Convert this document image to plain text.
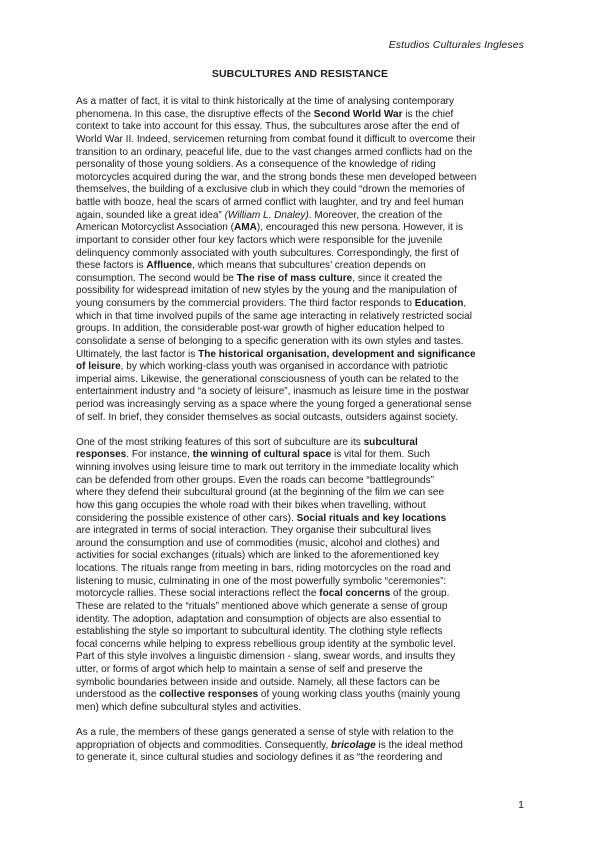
Estudios Culturales Ingleses
SUBCULTURES AND RESISTANCE
As a matter of fact, it is vital to think historically at the time of analysing contemporary
phenomena. In this case, the disruptive effects of the Second World War is the chief
context to take into account for this essay. Thus, the subcultures arose after the end of
World War II. Indeed, servicemen returning from combat found it difficult to overcome their
transition to an ordinary, peaceful life, due to the vast changes armed conflicts had on the
personality of those young soldiers. As a consequence of the knowledge of riding
motorcycles acquired during the war, and the strong bonds these men developed between
themselves, the building of a exclusive club in which they could “drown the memories of
battle with booze, heal the scars of armed conflict with laughter, and try and feel human
again, sounded like a great idea” (William L. Dnaley). Moreover, the creation of the
American Motorcyclist Association (AMA), encouraged this new persona. However, it is
important to consider other four key factors which were responsible for the juvenile
delinquency commonly associated with youth subcultures. Correspondingly, the first of
these factors is Affluence, which means that subcultures’ creation depends on
consumption. The second would be The rise of mass culture, since it created the
possibility for widespread imitation of new styles by the young and the manipulation of
young consumers by the commercial providers. The third factor responds to Education,
which in that time involved pupils of the same age interacting in relatively restricted social
groups. In addition, the considerable post-war growth of higher education helped to
consolidate a sense of belonging to a specific generation with its own styles and tastes.
Ultimately, the last factor is The historical organisation, development and significance
of leisure, by which working-class youth was organised in accordance with patriotic
imperial aims. Likewise, the generational consciousness of youth can be related to the
entertainment industry and “a society of leisure”, inasmuch as leisure time in the postwar
period was increasingly serving as a space where the young forged a generational sense
of self. In brief, they consider themselves as social outcasts, outsiders against society.
One of the most striking features of this sort of subculture are its subcultural
responses. For instance, the winning of cultural space is vital for them. Such
winning involves using leisure time to mark out territory in the immediate locality which
can be defended from other groups. Even the roads can become “battlegrounds”
where they defend their subcultural ground (at the beginning of the film we can see
how this gang occupies the whole road with their bikes when travelling, without
considering the possible existence of other cars). Social rituals and key locations
are integrated in terms of social interaction. They organise their subcultural lives
around the consumption and use of commodities (music, alcohol and clothes) and
activities for social exchanges (rituals) which are linked to the aforementioned key
locations. The rituals range from meeting in bars, riding motorcycles on the road and
listening to music, culminating in one of the most powerfully symbolic “ceremonies”:
motorcycle rallies. These social interactions reflect the focal concerns of the group.
These are related to the “rituals” mentioned above which generate a sense of group
identity. The adoption, adaptation and consumption of objects are also essential to
establishing the style so important to subcultural identity. The clothing style reflects
focal concerns while helping to express rebellious group identity at the symbolic level.
Part of this style involves a linguistic dimension - slang, swear words, and insults they
utter, or forms of argot which help to maintain a sense of self and preserve the
symbolic boundaries between inside and outside. Namely, all these factors can be
understood as the collective responses of young working class youths (mainly young
men) which define subcultural styles and activities.
As a rule, the members of these gangs generated a sense of style with relation to the
appropriation of objects and commodities. Consequently, bricolage is the ideal method
to generate it, since cultural studies and sociology defines it as “the reordering and
1
